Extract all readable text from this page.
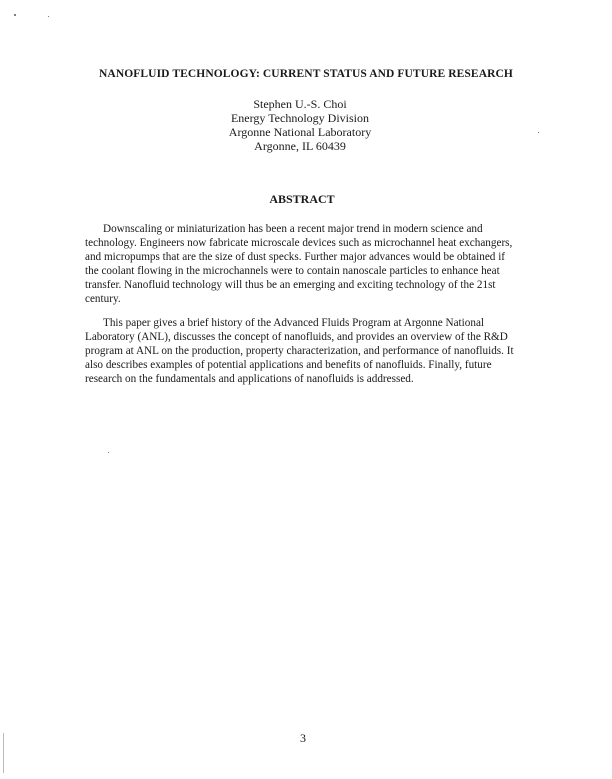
NANOFLUID TECHNOLOGY: CURRENT STATUS AND FUTURE RESEARCH
Stephen U.-S. Choi
Energy Technology Division
Argonne National Laboratory
Argonne, IL 60439
ABSTRACT
Downscaling or miniaturization has been a recent major trend in modern science and
technology. Engineers now fabricate microscale devices such as microchannel heat exchangers,
and micropumps that are the size of dust specks. Further major advances would be obtained if
the coolant flowing in the microchannels were to contain nanoscale particles to enhance heat
transfer. Nanofluid technology will thus be an emerging and exciting technology of the 21st
century.
This paper gives a brief history of the Advanced Fluids Program at Argonne National
Laboratory (ANL), discusses the concept of nanofluids, and provides an overview of the R&D
program at ANL on the production, property characterization, and performance of nanofluids. It
also describes examples of potential applications and benefits of nanofluids. Finally, future
research on the fundamentals and applications of nanofluids is addressed.
3
